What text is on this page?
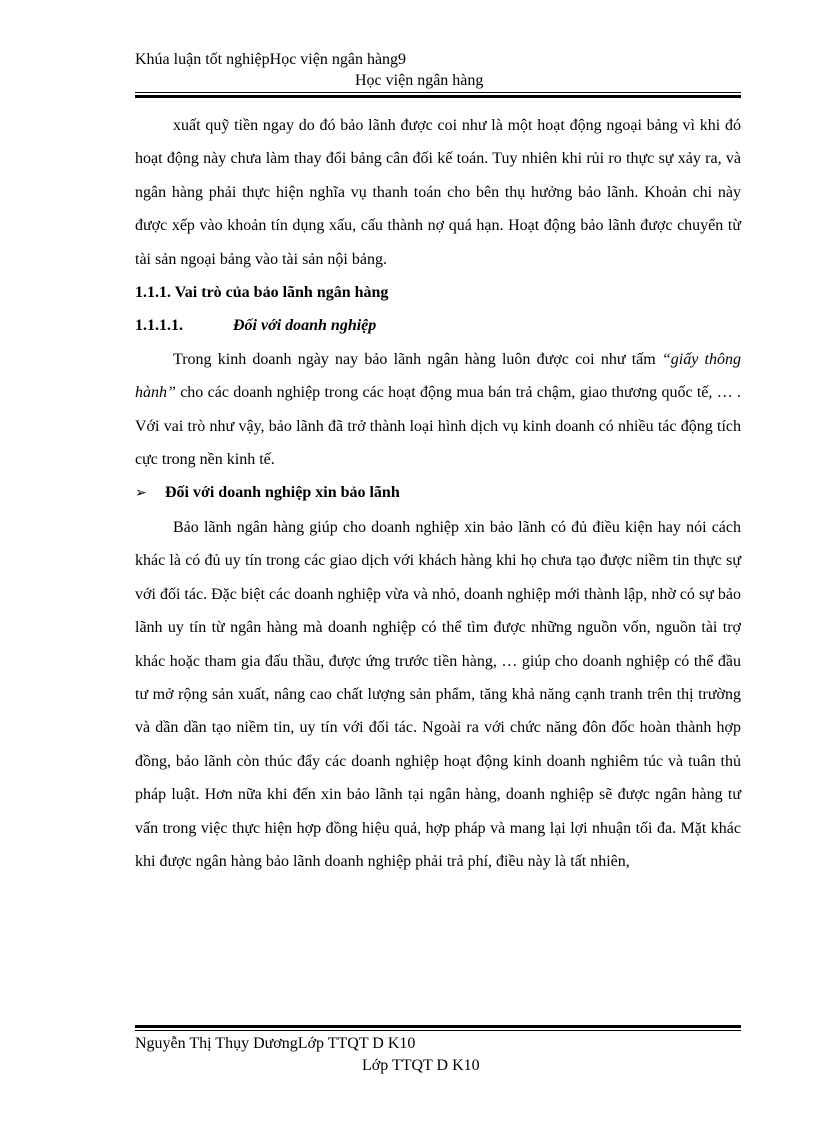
Khúa luận tốt nghiệpHọc viện ngân hàng9
Học viện ngân hàng

xuất quỹ tiền ngay do đó bảo lãnh được coi như là một hoạt động ngoại bảng vì khi đó hoạt động này chưa làm thay đổi bảng cân đối kế toán. Tuy nhiên khi rủi ro thực sự xảy ra, và ngân hàng phải thực hiện nghĩa vụ thanh toán cho bên thụ hưởng bảo lãnh. Khoản chi này được xếp vào khoản tín dụng xấu, cấu thành nợ quá hạn. Hoạt động bảo lãnh được chuyển từ tài sản ngoại bảng vào tài sản nội bảng.

1.1.1. Vai trò của bảo lãnh ngân hàng

1.1.1.1.	Đối với doanh nghiệp

Trong kinh doanh ngày nay bảo lãnh ngân hàng luôn được coi như tấm “giấy thông hành” cho các doanh nghiệp trong các hoạt động mua bán trả chậm, giao thương quốc tế, … . Với vai trò như vậy, bảo lãnh đã trở thành loại hình dịch vụ kinh doanh có nhiều tác động tích cực trong nền kinh tế.

➢ Đối với doanh nghiệp xin bảo lãnh

Bảo lãnh ngân hàng giúp cho doanh nghiệp xin bảo lãnh có đủ điều kiện hay nói cách khác là có đủ uy tín trong các giao dịch với khách hàng khi họ chưa tạo được niềm tin thực sự với đối tác. Đặc biệt các doanh nghiệp vừa và nhỏ, doanh nghiệp mới thành lập, nhờ có sự bảo lãnh uy tín từ ngân hàng mà doanh nghiệp có thể tìm được những nguồn vốn, nguồn tài trợ khác hoặc tham gia đấu thầu, được ứng trước tiền hàng, … giúp cho doanh nghiệp có thể đầu tư mở rộng sản xuất, nâng cao chất lượng sản phẩm, tăng khả năng cạnh tranh trên thị trường và dần dần tạo niềm tin, uy tín với đối tác. Ngoài ra với chức năng đôn đốc hoàn thành hợp đồng, bảo lãnh còn thúc đẩy các doanh nghiệp hoạt động kinh doanh nghiêm túc và tuân thủ pháp luật. Hơn nữa khi đến xin bảo lãnh tại ngân hàng, doanh nghiệp sẽ được ngân hàng tư vấn trong việc thực hiện hợp đồng hiệu quả, hợp pháp và mang lại lợi nhuận tối đa. Mặt khác khi được ngân hàng bảo lãnh doanh nghiệp phải trả phí, điều này là tất nhiên,

Nguyễn Thị Thụy DươngLớp TTQT D K10
Lớp TTQT D K10
